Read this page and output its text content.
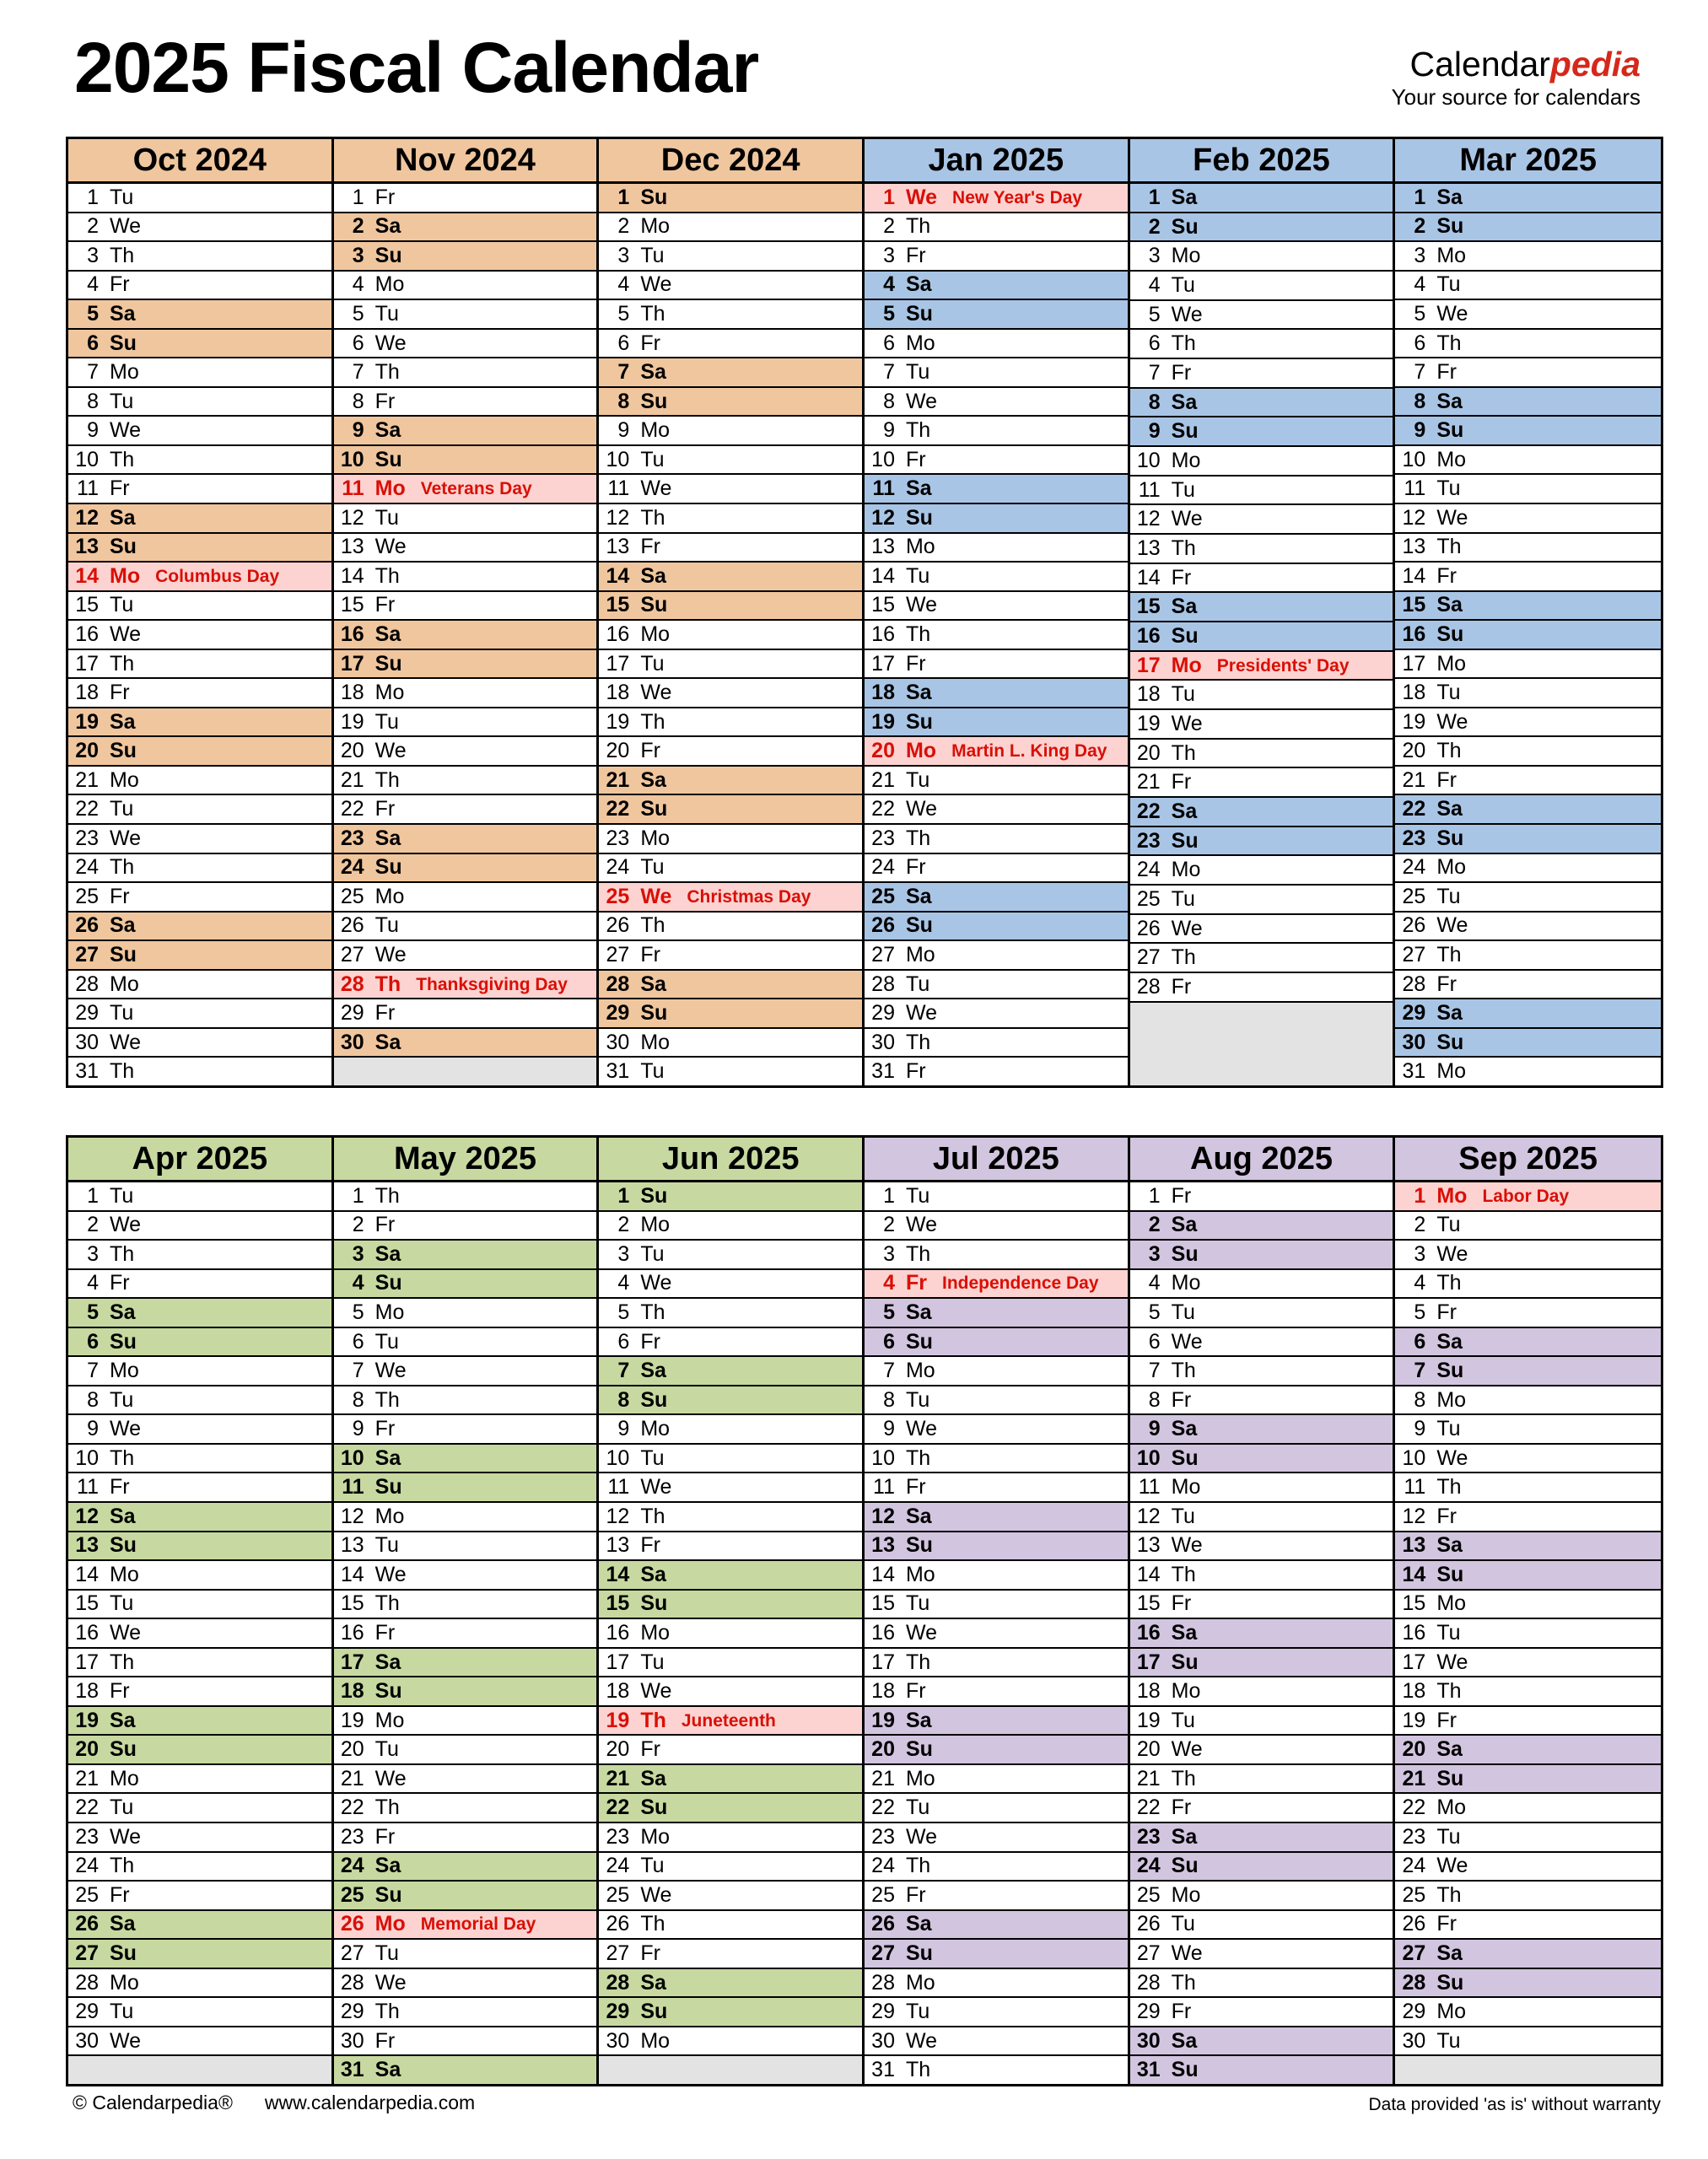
2025 Fiscal Calendar	Calendarpedia
Your source for calendars
Oct 2024
1 Tu
2 We
3 Th
4 Fr
5 Sa
6 Su
7 Mo
8 Tu
9 We
10 Th
11 Fr
12 Sa
13 Su
14 Mo Columbus Day
15 Tu
16 We
17 Th
18 Fr
19 Sa
20 Su
21 Mo
22 Tu
23 We
24 Th
25 Fr
26 Sa
27 Su
28 Mo
29 Tu
30 We
31 Th
Nov 2024
1 Fr
2 Sa
3 Su
4 Mo
5 Tu
6 We
7 Th
8 Fr
9 Sa
10 Su
11 Mo Veterans Day
12 Tu
13 We
14 Th
15 Fr
16 Sa
17 Su
18 Mo
19 Tu
20 We
21 Th
22 Fr
23 Sa
24 Su
25 Mo
26 Tu
27 We
28 Th Thanksgiving Day
29 Fr
30 Sa
Dec 2024
1 Su
2 Mo
3 Tu
4 We
5 Th
6 Fr
7 Sa
8 Su
9 Mo
10 Tu
11 We
12 Th
13 Fr
14 Sa
15 Su
16 Mo
17 Tu
18 We
19 Th
20 Fr
21 Sa
22 Su
23 Mo
24 Tu
25 We Christmas Day
26 Th
27 Fr
28 Sa
29 Su
30 Mo
31 Tu
Jan 2025
1 We New Year's Day
2 Th
3 Fr
4 Sa
5 Su
6 Mo
7 Tu
8 We
9 Th
10 Fr
11 Sa
12 Su
13 Mo
14 Tu
15 We
16 Th
17 Fr
18 Sa
19 Su
20 Mo Martin L. King Day
21 Tu
22 We
23 Th
24 Fr
25 Sa
26 Su
27 Mo
28 Tu
29 We
30 Th
31 Fr
Feb 2025
1 Sa
2 Su
3 Mo
4 Tu
5 We
6 Th
7 Fr
8 Sa
9 Su
10 Mo
11 Tu
12 We
13 Th
14 Fr
15 Sa
16 Su
17 Mo Presidents' Day
18 Tu
19 We
20 Th
21 Fr
22 Sa
23 Su
24 Mo
25 Tu
26 We
27 Th
28 Fr
Mar 2025
1 Sa
2 Su
3 Mo
4 Tu
5 We
6 Th
7 Fr
8 Sa
9 Su
10 Mo
11 Tu
12 We
13 Th
14 Fr
15 Sa
16 Su
17 Mo
18 Tu
19 We
20 Th
21 Fr
22 Sa
23 Su
24 Mo
25 Tu
26 We
27 Th
28 Fr
29 Sa
30 Su
31 Mo
Apr 2025
1 Tu
2 We
3 Th
4 Fr
5 Sa
6 Su
7 Mo
8 Tu
9 We
10 Th
11 Fr
12 Sa
13 Su
14 Mo
15 Tu
16 We
17 Th
18 Fr
19 Sa
20 Su
21 Mo
22 Tu
23 We
24 Th
25 Fr
26 Sa
27 Su
28 Mo
29 Tu
30 We
May 2025
1 Th
2 Fr
3 Sa
4 Su
5 Mo
6 Tu
7 We
8 Th
9 Fr
10 Sa
11 Su
12 Mo
13 Tu
14 We
15 Th
16 Fr
17 Sa
18 Su
19 Mo
20 Tu
21 We
22 Th
23 Fr
24 Sa
25 Su
26 Mo Memorial Day
27 Tu
28 We
29 Th
30 Fr
31 Sa
Jun 2025
1 Su
2 Mo
3 Tu
4 We
5 Th
6 Fr
7 Sa
8 Su
9 Mo
10 Tu
11 We
12 Th
13 Fr
14 Sa
15 Su
16 Mo
17 Tu
18 We
19 Th Juneteenth
20 Fr
21 Sa
22 Su
23 Mo
24 Tu
25 We
26 Th
27 Fr
28 Sa
29 Su
30 Mo
Jul 2025
1 Tu
2 We
3 Th
4 Fr Independence Day
5 Sa
6 Su
7 Mo
8 Tu
9 We
10 Th
11 Fr
12 Sa
13 Su
14 Mo
15 Tu
16 We
17 Th
18 Fr
19 Sa
20 Su
21 Mo
22 Tu
23 We
24 Th
25 Fr
26 Sa
27 Su
28 Mo
29 Tu
30 We
31 Th
Aug 2025
1 Fr
2 Sa
3 Su
4 Mo
5 Tu
6 We
7 Th
8 Fr
9 Sa
10 Su
11 Mo
12 Tu
13 We
14 Th
15 Fr
16 Sa
17 Su
18 Mo
19 Tu
20 We
21 Th
22 Fr
23 Sa
24 Su
25 Mo
26 Tu
27 We
28 Th
29 Fr
30 Sa
31 Su
Sep 2025
1 Mo Labor Day
2 Tu
3 We
4 Th
5 Fr
6 Sa
7 Su
8 Mo
9 Tu
10 We
11 Th
12 Fr
13 Sa
14 Su
15 Mo
16 Tu
17 We
18 Th
19 Fr
20 Sa
21 Su
22 Mo
23 Tu
24 We
25 Th
26 Fr
27 Sa
28 Su
29 Mo
30 Tu
© Calendarpedia® www.calendarpedia.com	Data provided 'as is' without warranty
